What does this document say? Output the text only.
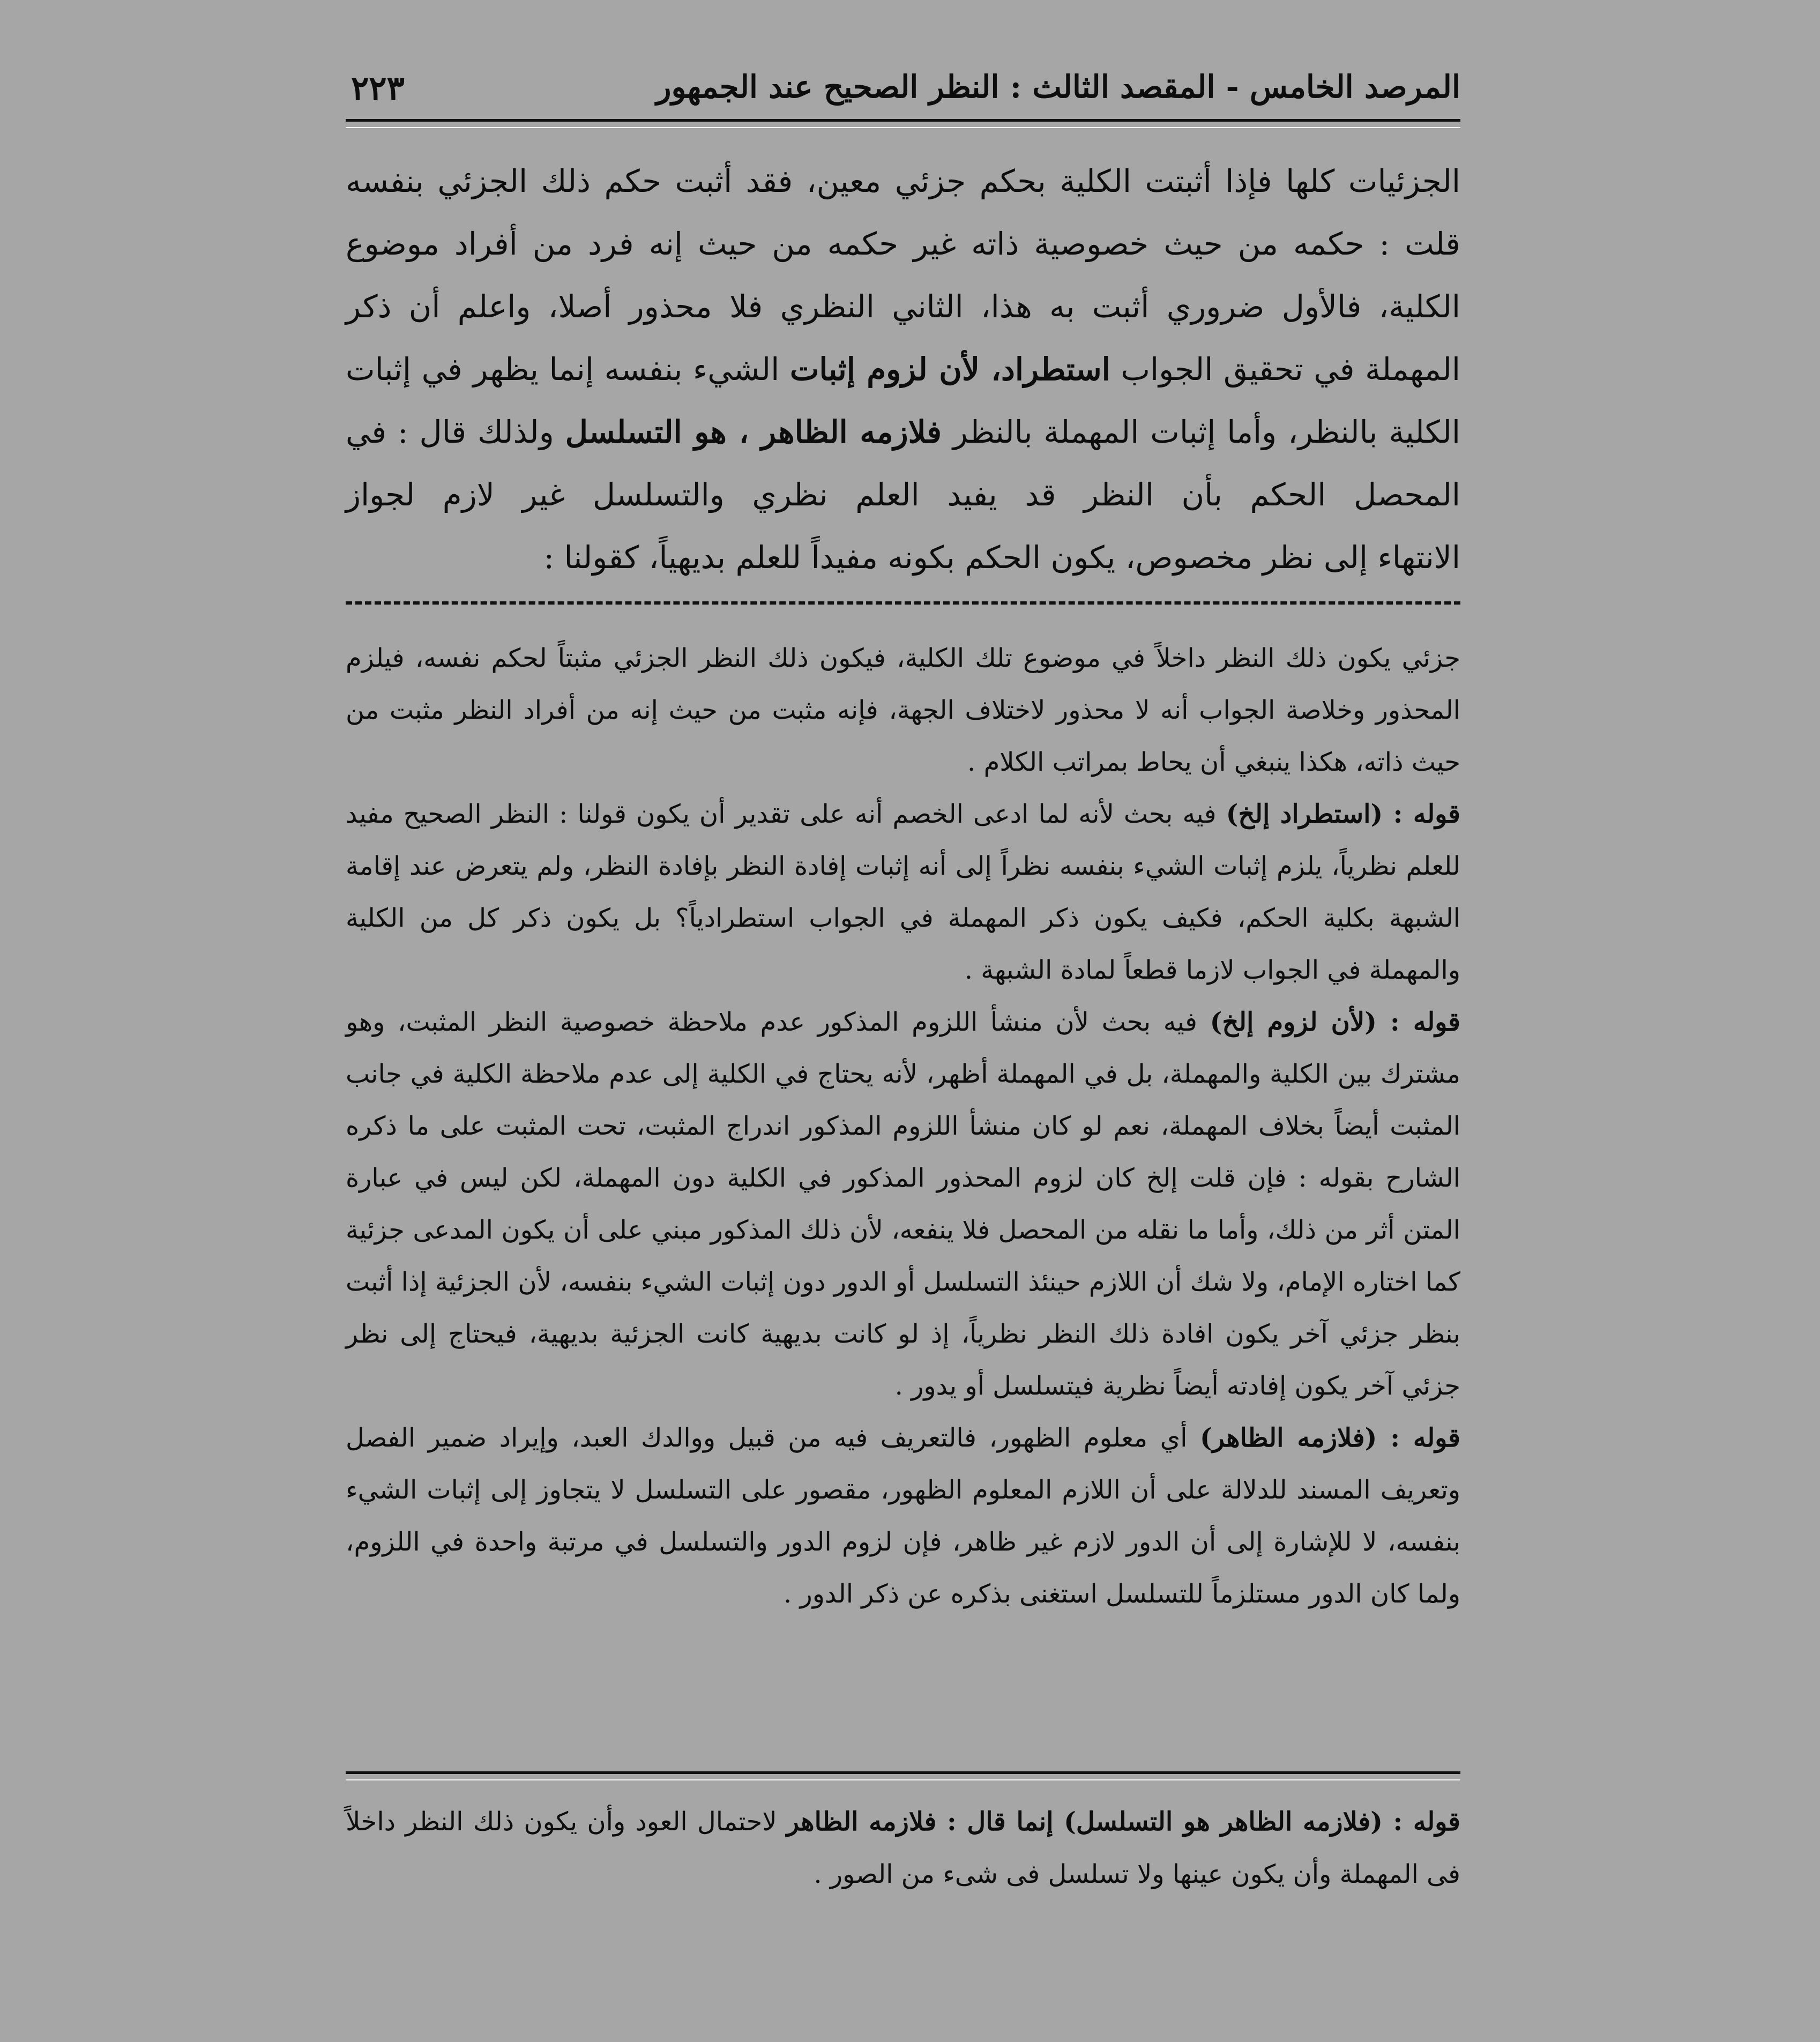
المرصد الخامس - المقصد الثالث : النظر الصحيح عند الجمهور
٢٢٣
الجزئيات كلها فإذا أثبتت الكلية بحكم جزئي معين، فقد أثبت حكم ذلك الجزئي بنفسه قلت : حكمه من حيث خصوصية ذاته غير حكمه من حيث إنه فرد من أفراد موضوع الكلية، فالأول ضروري أثبت به هذا، الثاني النظري فلا محذور أصلا، واعلم أن ذكر المهملة في تحقيق الجواب استطراد، لأن لزوم إثبات الشيء بنفسه إنما يظهر في إثبات الكلية بالنظر، وأما إثبات المهملة بالنظر فلازمه الظاهر ، هو التسلسل ولذلك قال : في المحصل الحكم بأن النظر قد يفيد العلم نظري والتسلسل غير لازم لجواز
الانتهاء إلى نظر مخصوص، يكون الحكم بكونه مفيداً للعلم بديهياً، كقولنا :

جزئي يكون ذلك النظر داخلاً في موضوع تلك الكلية، فيكون ذلك النظر الجزئي مثبتاً لحكم نفسه، فيلزم المحذور وخلاصة الجواب أنه لا محذور لاختلاف الجهة، فإنه مثبت من حيث إنه من أفراد النظر مثبت من حيث ذاته، هكذا ينبغي أن يحاط بمراتب الكلام .

قوله : (استطراد إلخ) فيه بحث لأنه لما ادعى الخصم أنه على تقدير أن يكون قولنا : النظر الصحيح مفيد للعلم نظرياً، يلزم إثبات الشيء بنفسه نظراً إلى أنه إثبات إفادة النظر بإفادة النظر، ولم يتعرض عند إقامة الشبهة بكلية الحكم، فكيف يكون ذكر المهملة في الجواب استطرادياً؟ بل يكون ذكر كل من الكلية والمهملة في الجواب لازما قطعاً لمادة الشبهة .

قوله : (لأن لزوم إلخ) فيه بحث لأن منشأ اللزوم المذكور عدم ملاحظة خصوصية النظر المثبت، وهو مشترك بين الكلية والمهملة، بل في المهملة أظهر، لأنه يحتاج في الكلية إلى عدم ملاحظة الكلية في جانب المثبت أيضاً بخلاف المهملة، نعم لو كان منشأ اللزوم المذكور اندراج المثبت، تحت المثبت على ما ذكره الشارح بقوله : فإن قلت إلخ كان لزوم المحذور المذكور في الكلية دون المهملة، لكن ليس في عبارة المتن أثر من ذلك، وأما ما نقله من المحصل فلا ينفعه، لأن ذلك المذكور مبني على أن يكون المدعى جزئية كما اختاره الإمام، ولا شك أن اللازم حينئذ التسلسل أو الدور دون إثبات الشيء بنفسه، لأن الجزئية إذا أثبت بنظر جزئي آخر يكون افادة ذلك النظر نظرياً، إذ لو كانت بديهية كانت الجزئية بديهية، فيحتاج إلى نظر جزئي آخر يكون إفادته أيضاً نظرية فيتسلسل أو يدور .

قوله : (فلازمه الظاهر) أي معلوم الظهور، فالتعريف فيه من قبيل ووالدك العبد، وإيراد ضمير الفصل وتعريف المسند للدلالة على أن اللازم المعلوم الظهور، مقصور على التسلسل لا يتجاوز إلى إثبات الشيء بنفسه، لا للإشارة إلى أن الدور لازم غير ظاهر، فإن لزوم الدور والتسلسل في مرتبة واحدة في اللزوم، ولما كان الدور مستلزماً للتسلسل استغنى بذكره عن ذكر الدور .

قوله : (فلازمه الظاهر هو التسلسل) إنما قال : فلازمه الظاهر لاحتمال العود وأن يكون ذلك النظر داخلاً فى المهملة وأن يكون عينها ولا تسلسل فى شىء من الصور .
